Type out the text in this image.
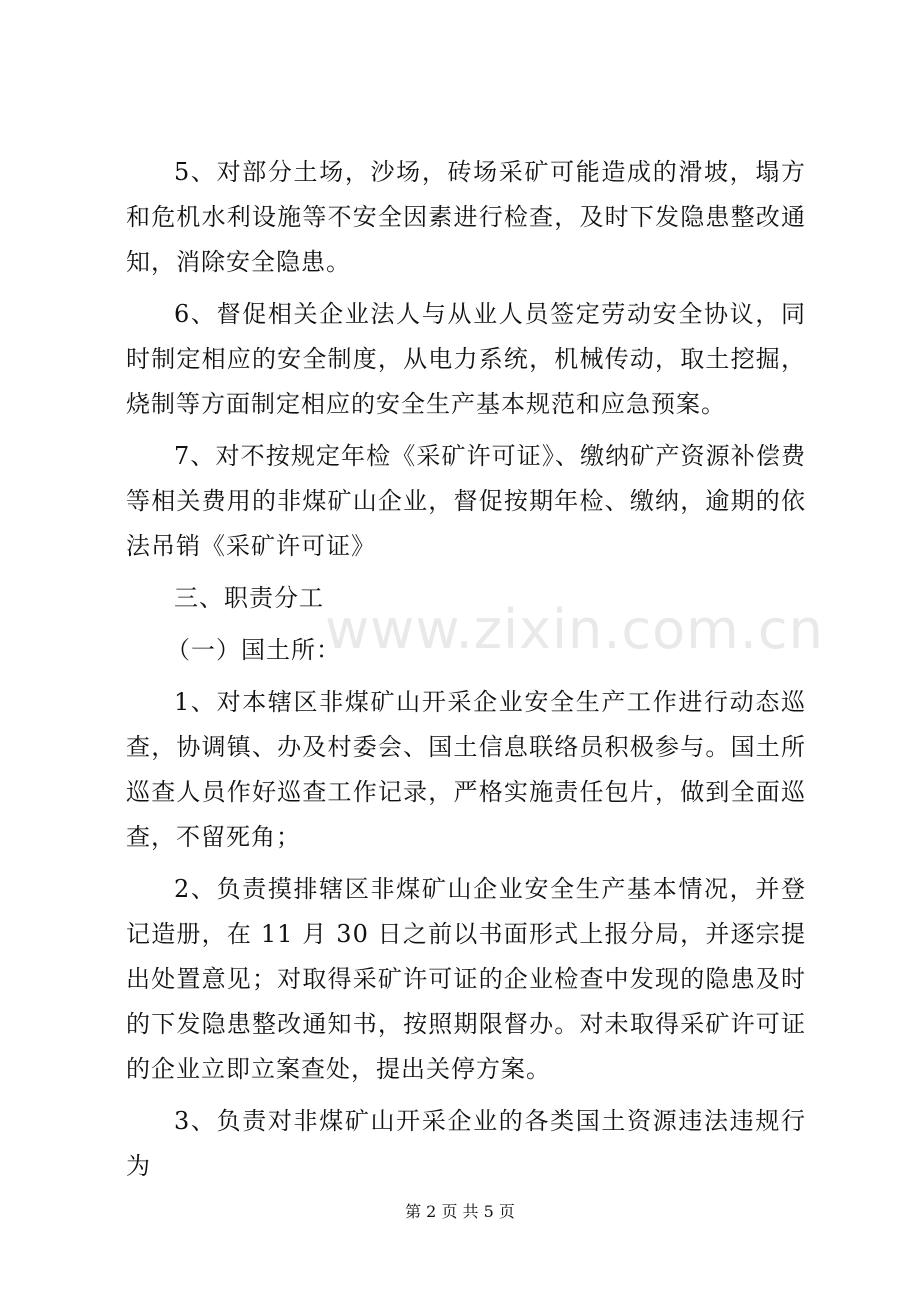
5、对部分土场，沙场，砖场采矿可能造成的滑坡，塌方和危机水利设施等不安全因素进行检查，及时下发隐患整改通知，消除安全隐患。

6、督促相关企业法人与从业人员签定劳动安全协议，同时制定相应的安全制度，从电力系统，机械传动，取土挖掘，烧制等方面制定相应的安全生产基本规范和应急预案。

7、对不按规定年检《采矿许可证》、缴纳矿产资源补偿费等相关费用的非煤矿山企业，督促按期年检、缴纳，逾期的依法吊销《采矿许可证》

三、职责分工

（一）国土所：

1、对本辖区非煤矿山开采企业安全生产工作进行动态巡查，协调镇、办及村委会、国土信息联络员积极参与。国土所巡查人员作好巡查工作记录，严格实施责任包片，做到全面巡查，不留死角；

2、负责摸排辖区非煤矿山企业安全生产基本情况，并登记造册，在 11 月 30 日之前以书面形式上报分局，并逐宗提出处置意见；对取得采矿许可证的企业检查中发现的隐患及时的下发隐患整改通知书，按照期限督办。对未取得采矿许可证的企业立即立案查处，提出关停方案。

3、负责对非煤矿山开采企业的各类国土资源违法违规行为

www.zixin.com.cn
第 2 页 共 5 页
